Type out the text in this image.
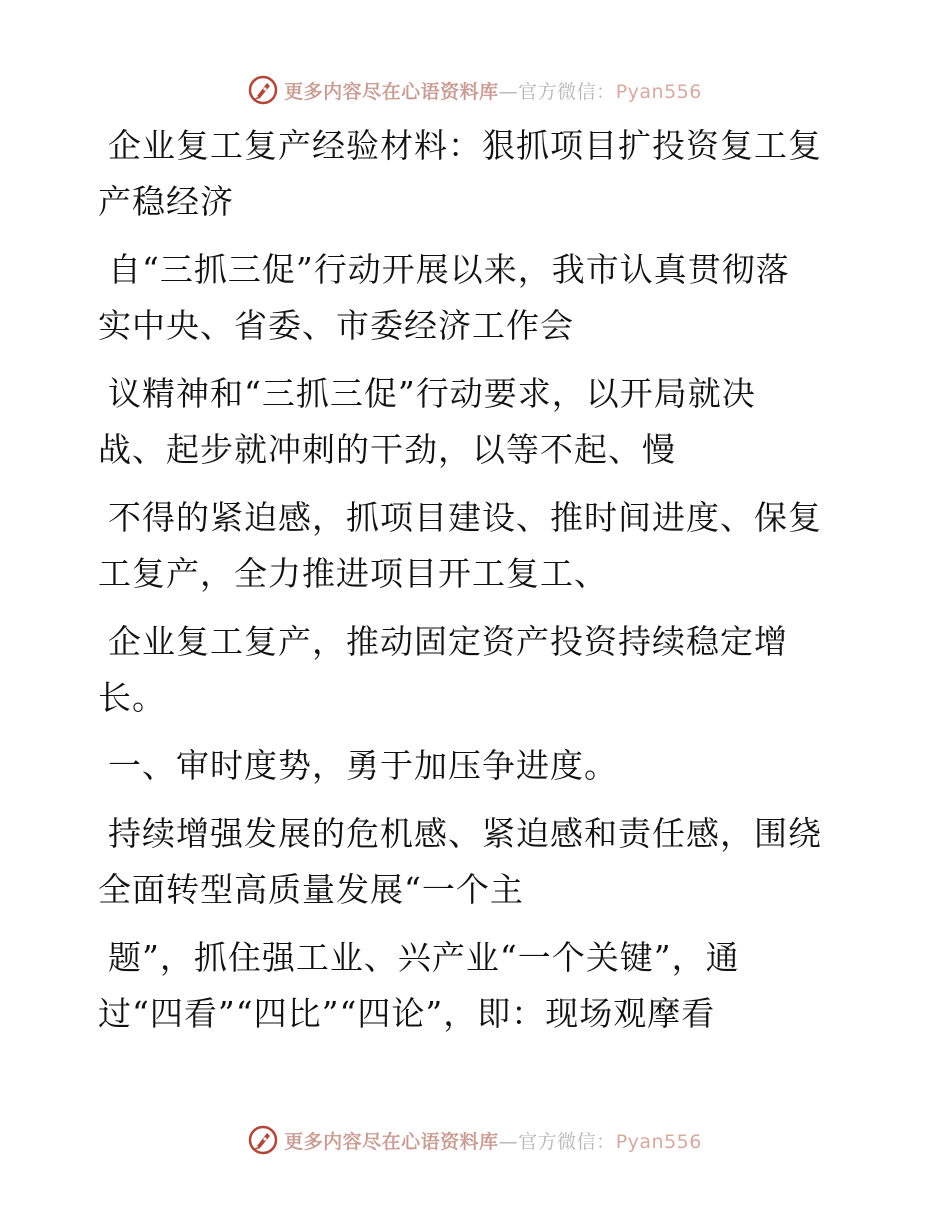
更多内容尽在心语资料库—官方微信：Pyan556
企业复工复产经验材料：狠抓项目扩投资复工复
产稳经济
自“三抓三促”行动开展以来，我市认真贯彻落
实中央、省委、市委经济工作会
议精神和“三抓三促”行动要求，以开局就决
战、起步就冲刺的干劲，以等不起、慢
不得的紧迫感，抓项目建设、推时间进度、保复
工复产，全力推进项目开工复工、
企业复工复产，推动固定资产投资持续稳定增
长。
一、审时度势，勇于加压争进度。
持续增强发展的危机感、紧迫感和责任感，围绕
全面转型高质量发展“一个主
题”，抓住强工业、兴产业“一个关键”，通
过“四看”“四比”“四论”，即：现场观摩看
更多内容尽在心语资料库—官方微信：Pyan556
